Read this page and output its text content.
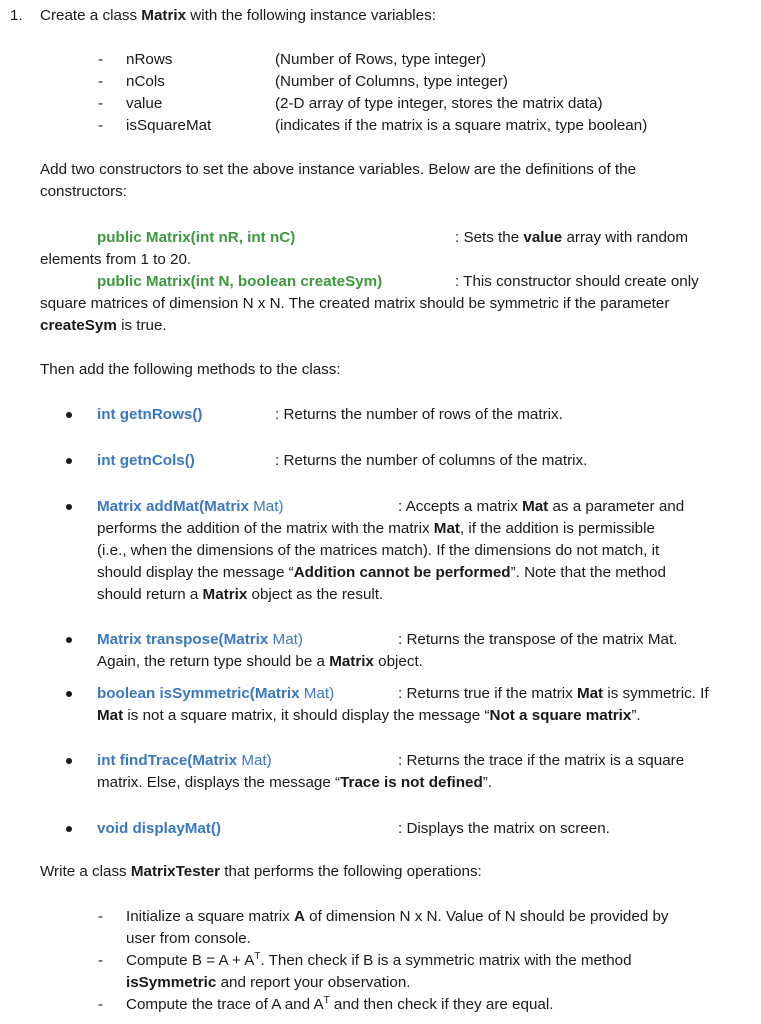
1. Create a class Matrix with the following instance variables:
- nRows	(Number of Rows, type integer)
- nCols	(Number of Columns, type integer)
- value	(2-D array of type integer, stores the matrix data)
- isSquareMat	(indicates if the matrix is a square matrix, type boolean)
Add two constructors to set the above instance variables. Below are the definitions of the
constructors:
public Matrix(int nR, int nC)	: Sets the value array with random
elements from 1 to 20.
public Matrix(int N, boolean createSym)	: This constructor should create only
square matrices of dimension N x N. The created matrix should be symmetric if the parameter
createSym is true.
Then add the following methods to the class:
int getnRows()	: Returns the number of rows of the matrix.
int getnCols()	: Returns the number of columns of the matrix.
Matrix addMat(Matrix Mat)	: Accepts a matrix Mat as a parameter and
performs the addition of the matrix with the matrix Mat, if the addition is permissible
(i.e., when the dimensions of the matrices match). If the dimensions do not match, it
should display the message “Addition cannot be performed”. Note that the method
should return a Matrix object as the result.
Matrix transpose(Matrix Mat)	: Returns the transpose of the matrix Mat.
Again, the return type should be a Matrix object.
boolean isSymmetric(Matrix Mat)	: Returns true if the matrix Mat is symmetric. If
Mat is not a square matrix, it should display the message “Not a square matrix”.
int findTrace(Matrix Mat)	: Returns the trace if the matrix is a square
matrix. Else, displays the message “Trace is not defined”.
void displayMat()	: Displays the matrix on screen.
Write a class MatrixTester that performs the following operations:
- Initialize a square matrix A of dimension N x N. Value of N should be provided by
user from console.
- Compute $B = A + A^T$. Then check if B is a symmetric matrix with the method
isSymmetric and report your observation.
- Compute the trace of A and $A^T$ and then check if they are equal.
